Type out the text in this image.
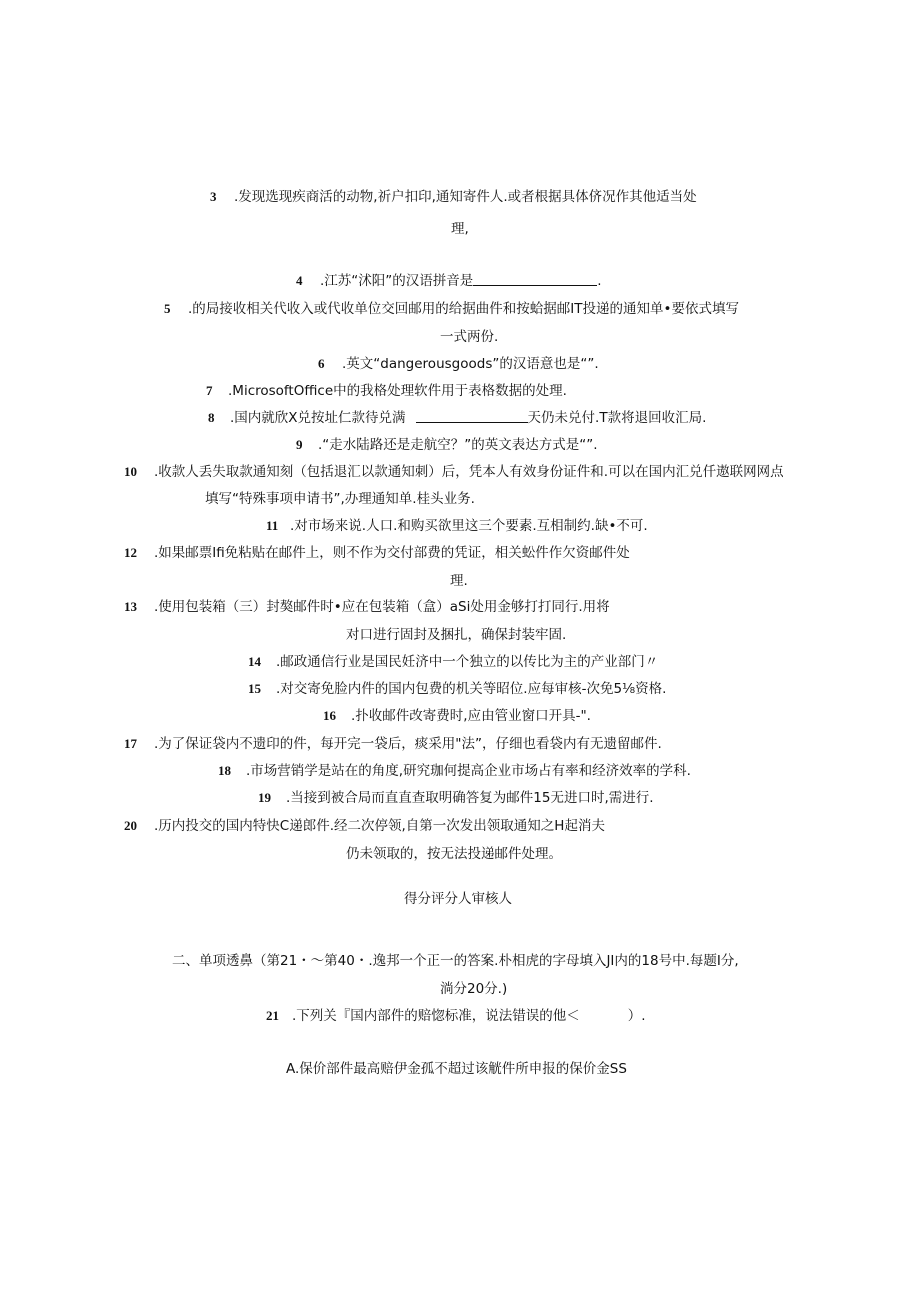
3 .发现选现疾商活的动物,祈户扣印,通知寄件人.或者根据具体侪况作其他适当处
理,
4 .江苏“沭阳”的汉语拼音是	.
5 .的局接收相关代收入或代收单位交回邮用的给据曲件和按蛤据邮IT投递的通知单•要依式填写
一式两份.
6 .英文“dangerousgoods”的汉语意也是“”.
7 .MicrosoftOffice中的我格处理软件用于表格数据的处理.
8 .国内就欣X兑按址仁款待兑满	天仍未兑付.T款将退回收汇局.
9 .“走水陆路还是走航空？”的英文表达方式是“”.
10 .收款人丢失取款通知刻（包括退汇以款通知刺）后，凭本人有效身份证件和.可以在国内汇兑仟遨联网网点
填写“特殊事项申请书”,办理通知单.桂头业务.
11 .对市场来说.人口.和购买欲里这三个要素.互相制约.缺•不可.
12 .如果邮票Ifi免粘贴在邮件上，则不作为交付部费的凭证，相关蚣件作欠资邮件处
理.
13 .使用包装箱（三）封獒邮件时•应在包装箱（盒）aSi处用金够打打同行.用将
对口进行固封及捆扎，确保封装牢固.
14 .邮政通信行业是国民妊济中一个独立的以传比为主的产业部门〃
15 .对交寄免脸内件的国内包费的机关等昭位.应每审核-次免5⅛资格.
16 .扑收邮件改寄费时,应由管业窗口开具-".
17 .为了保证袋内不遗印的件，每开完一袋后，痰采用"法”，仔细也看袋内有无遗留邮件.
18 .市场营销学是站在的角度,研究珈何提高企业市场占有率和经济效率的学科.
19 .当接到被合局而直直查取明确答复为邮件15无进口时,需进行.
20 .历内投交的国内特快C递郎件.经二次停领,自第一次发出领取通知之H起消夫
仍未领取的，按无法投递邮件处理。
得分评分人审核人
二、单项透鼻（第21・〜第40・.逸邦一个正一的答案.朴相虎的字母填入JI内的18号中.每题I分,
淌分20分.)
21 .下列关『国内部件的赔惚标准，说法错误的他＜	）.
A.保价部件最高赔伊金孤不超过该觥件所申报的保价金SS
